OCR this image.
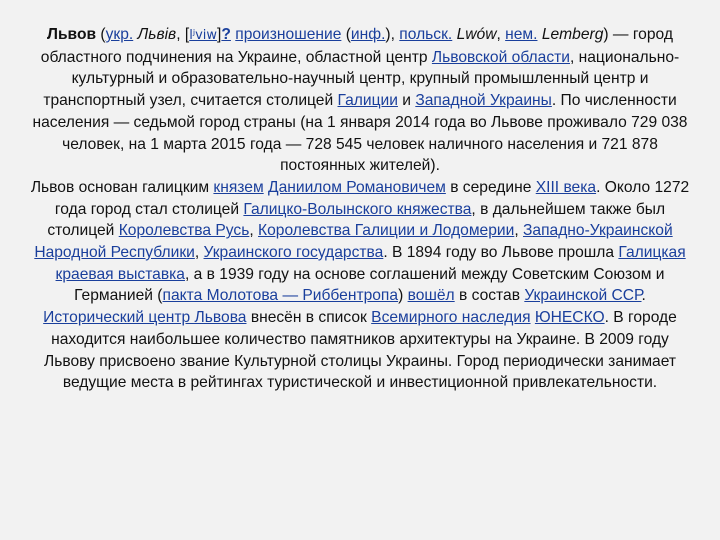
Львов (укр. Львів, [lʲviw]? произношение (инф.), польск. Lwów, нем. Lemberg) — город областного подчинения на Украине, областной центр Львовской области, национально-культурный и образовательно-научный центр, крупный промышленный центр и транспортный узел, считается столицей Галиции и Западной Украины. По численности населения — седьмой город страны (на 1 января 2014 года во Львове проживало 729 038 человек, на 1 марта 2015 года — 728 545 человек наличного населения и 721 878 постоянных жителей).
Львов основан галицким князем Даниилом Романовичем в середине XIII века. Около 1272 года город стал столицей Галицко-Волынского княжества, в дальнейшем также был столицей Королевства Русь, Королевства Галиции и Лодомерии, Западно-Украинской Народной Республики, Украинского государства. В 1894 году во Львове прошла Галицкая краевая выставка, а в 1939 году на основе соглашений между Советским Союзом и Германией (пакта Молотова — Риббентропа) вошёл в состав Украинской ССР.
Исторический центр Львова внесён в список Всемирного наследия ЮНЕСКО. В городе находится наибольшее количество памятников архитектуры на Украине. В 2009 году Львову присвоено звание Культурной столицы Украины. Город периодически занимает ведущие места в рейтингах туристической и инвестиционной привлекательности.
